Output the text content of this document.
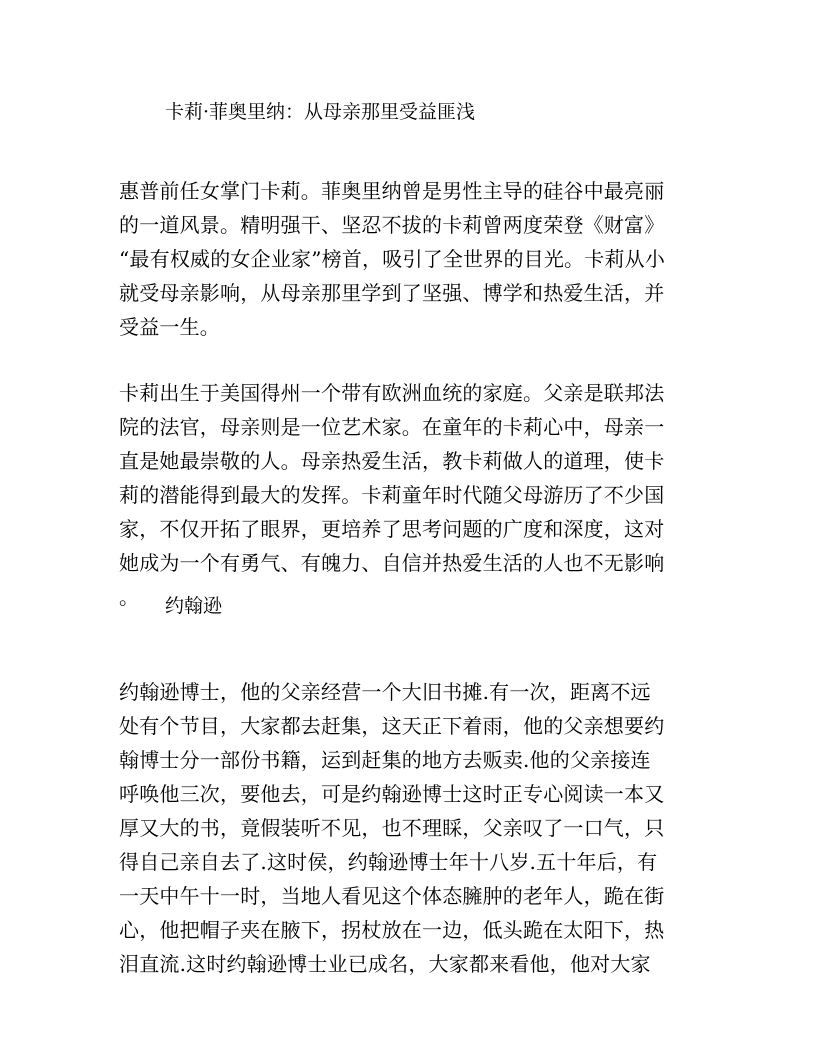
卡莉·菲奥里纳：从母亲那里受益匪浅
惠普前任女掌门卡莉。菲奥里纳曾是男性主导的硅谷中最亮丽
的一道风景。精明强干、坚忍不拔的卡莉曾两度荣登《财富》
“最有权威的女企业家”榜首，吸引了全世界的目光。卡莉从小
就受母亲影响，从母亲那里学到了坚强、博学和热爱生活，并
受益一生。
卡莉出生于美国得州一个带有欧洲血统的家庭。父亲是联邦法
院的法官，母亲则是一位艺术家。在童年的卡莉心中，母亲一
直是她最崇敬的人。母亲热爱生活，教卡莉做人的道理，使卡
莉的潜能得到最大的发挥。卡莉童年时代随父母游历了不少国
家，不仅开拓了眼界，更培养了思考问题的广度和深度，这对
她成为一个有勇气、有魄力、自信并热爱生活的人也不无影响
。	约翰逊
约翰逊博士，他的父亲经营一个大旧书摊.有一次，距离不远
处有个节目，大家都去赶集，这天正下着雨，他的父亲想要约
翰博士分一部份书籍，运到赶集的地方去贩卖.他的父亲接连
呼唤他三次，要他去，可是约翰逊博士这时正专心阅读一本又
厚又大的书，竟假装听不见，也不理睬，父亲叹了一口气，只
得自己亲自去了.这时侯，约翰逊博士年十八岁.五十年后，有
一天中午十一时，当地人看见这个体态臃肿的老年人，跪在街
心，他把帽子夹在腋下，拐杖放在一边，低头跪在太阳下，热
泪直流.这时约翰逊博士业已成名，大家都来看他，他对大家
